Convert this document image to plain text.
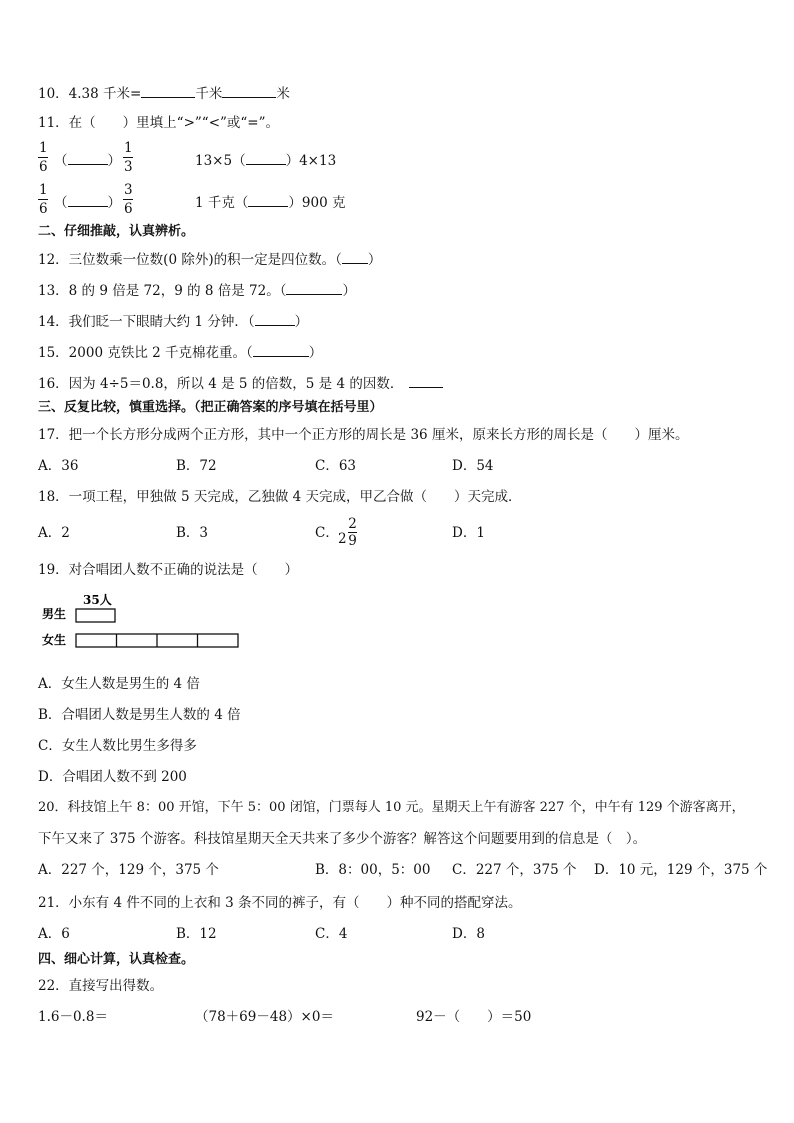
10．4.38 千米=	千米	米
11．在（　　）里填上“>”“<”或“=”。
1
6 （	）
1
3	13×5（	）4×13
1
6 （	）
3
6	1 千克（	）900 克
二、仔细推敲，认真辨析。
12．三位数乘一位数(0 除外)的积一定是四位数。（ ）
13．8 的 9 倍是 72，9 的 8 倍是 72。（	）
14．我们眨一下眼睛大约 1 分钟．（	）
15．2000 克铁比 2 千克棉花重。（	）
16．因为 4÷5＝0.8，所以 4 是 5 的倍数，5 是 4 的因数．
三、反复比较，慎重选择。（把正确答案的序号填在括号里）
17．把一个长方形分成两个正方形，其中一个正方形的周长是 36 厘米，原来长方形的周长是（　　）厘米。
A．36	B．72	C．63	D．54
18．一项工程，甲独做 5 天完成，乙独做 4 天完成，甲乙合做（　　）天完成．
A．2	B．3	C． 2
2
9	D．1
19．对合唱团人数不正确的说法是（　　）
35人
男生
女生
A．女生人数是男生的 4 倍
B．合唱团人数是男生人数的 4 倍
C．女生人数比男生多得多
D．合唱团人数不到 200
20．科技馆上午 8：00 开馆，下午 5：00 闭馆，门票每人 10 元。星期天上午有游客 227 个，中午有 129 个游客离开，
下午又来了 375 个游客。科技馆星期天全天共来了多少个游客？解答这个问题要用到的信息是（　）。
A．227 个，129 个，375 个	B．8：00，5：00 C．227 个，375 个 D．10 元，129 个，375 个
21．小东有 4 件不同的上衣和 3 条不同的裤子，有（　　）种不同的搭配穿法。
A．6	B．12	C．4	D．8
四、细心计算，认真检查。
22．直接写出得数。
1.6－0.8＝	（78＋69－48）×0＝	92－（　　）＝50
